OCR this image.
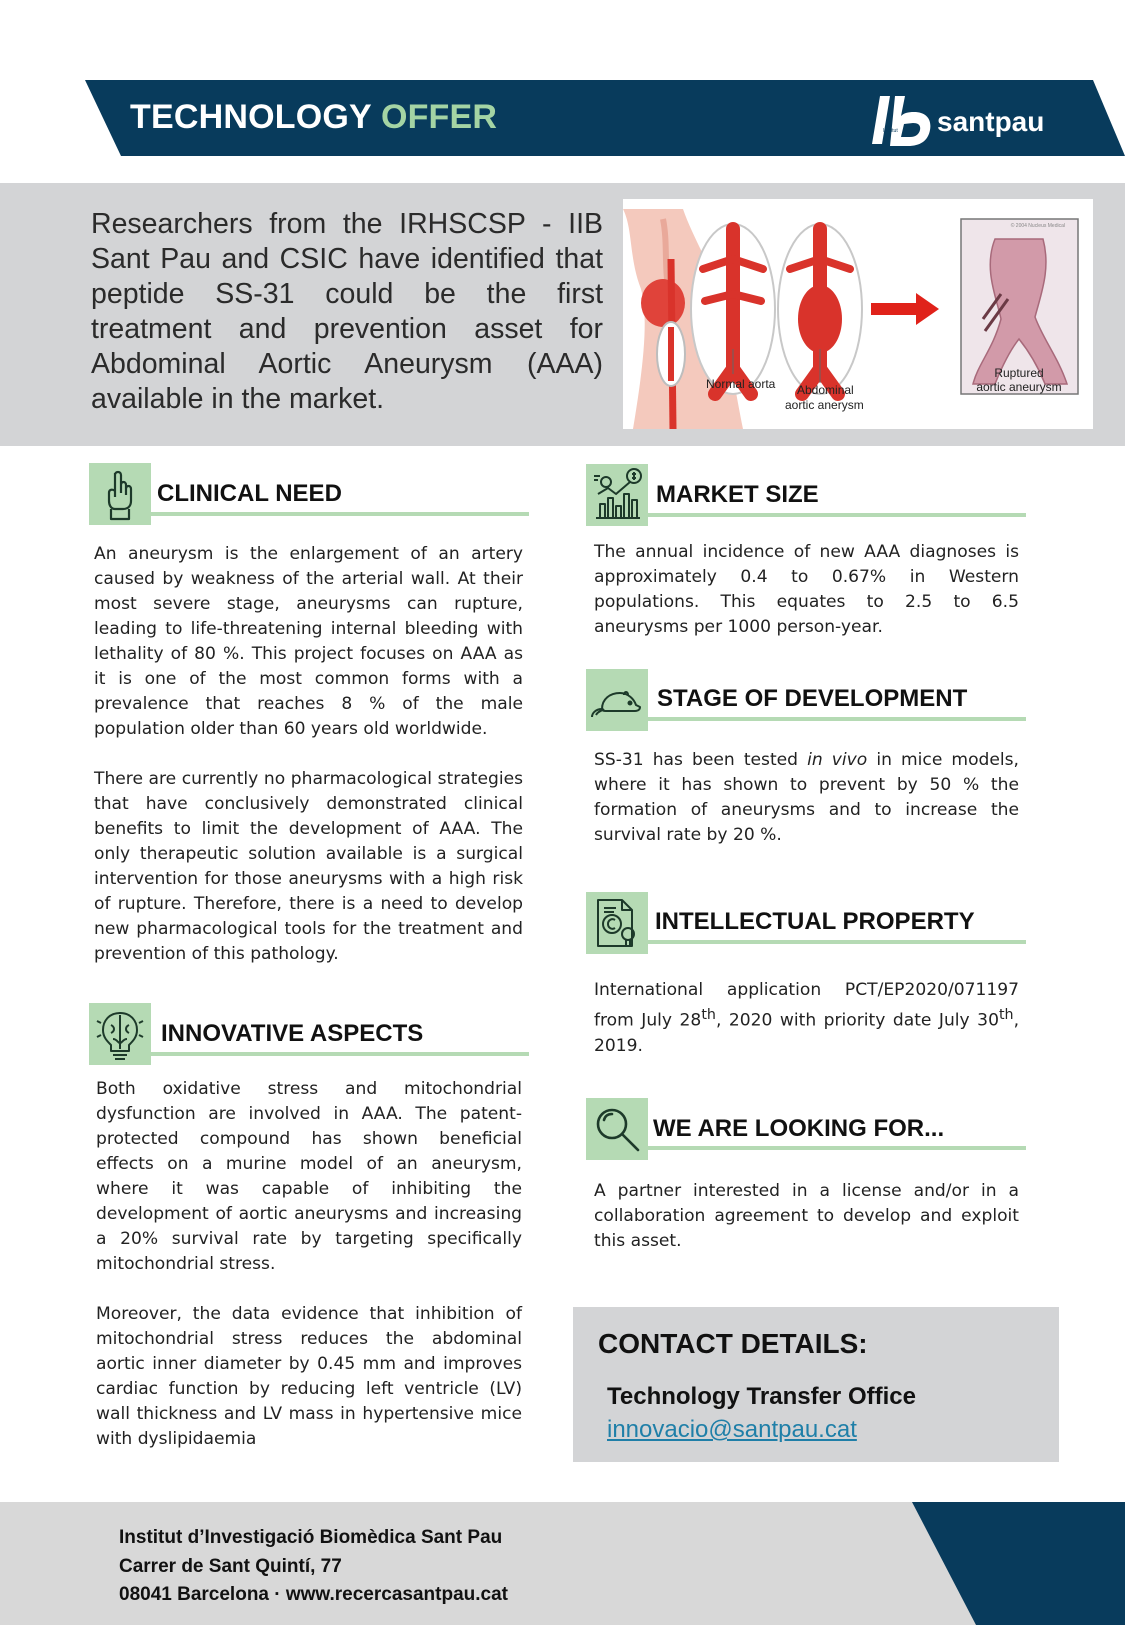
TECHNOLOGY OFFER	Institut santpau
Researchers from the IRHSCSP - IIB Sant Pau and CSIC have identified that peptide SS-31 could be the first treatment and prevention asset for Abdominal Aortic Aneurysm (AAA) available in the market.
© 2004 Nucleus Medical
Normal aorta Abdominal
aortic anerysm
Ruptured
aortic aneurysm
CLINICAL NEED

An aneurysm is the enlargement of an artery caused by weakness of the arterial wall. At their most severe stage, aneurysms can rupture, leading to life-threatening internal bleeding with lethality of 80 %. This project focuses on AAA as it is one of the most common forms with a prevalence that reaches 8 % of the male population older than 60 years old worldwide.

There are currently no pharmacological strategies that have conclusively demonstrated clinical benefits to limit the development of AAA. The only therapeutic solution available is a surgical intervention for those aneurysms with a high risk of rupture. Therefore, there is a need to develop new pharmacological tools for the treatment and prevention of this pathology.

INNOVATIVE ASPECTS

Both oxidative stress and mitochondrial dysfunction are involved in AAA. The patent-protected compound has shown beneficial effects on a murine model of an aneurysm, where it was capable of inhibiting the development of aortic aneurysms and increasing a 20% survival rate by targeting specifically mitochondrial stress.

Moreover, the data evidence that inhibition of mitochondrial stress reduces the abdominal aortic inner diameter by 0.45 mm and improves cardiac function by reducing left ventricle (LV) wall thickness and LV mass in hypertensive mice with dyslipidaemia

MARKET SIZE

The annual incidence of new AAA diagnoses is approximately 0.4 to 0.67% in Western populations. This equates to 2.5 to 6.5 aneurysms per 1000 person-year.

STAGE OF DEVELOPMENT

SS-31 has been tested in vivo in mice models, where it has shown to prevent by 50 % the formation of aneurysms and to increase the survival rate by 20 %.

INTELLECTUAL PROPERTY

International application PCT/EP2020/071197 from July 28th, 2020 with priority date July 30th, 2019.

WE ARE LOOKING FOR...

A partner interested in a license and/or in a collaboration agreement to develop and exploit this asset.

CONTACT DETAILS:
Technology Transfer Office
innovacio@santpau.cat
Institut d’Investigació Biomèdica Sant Pau
Carrer de Sant Quintí, 77
08041 Barcelona · www.recercasantpau.cat
